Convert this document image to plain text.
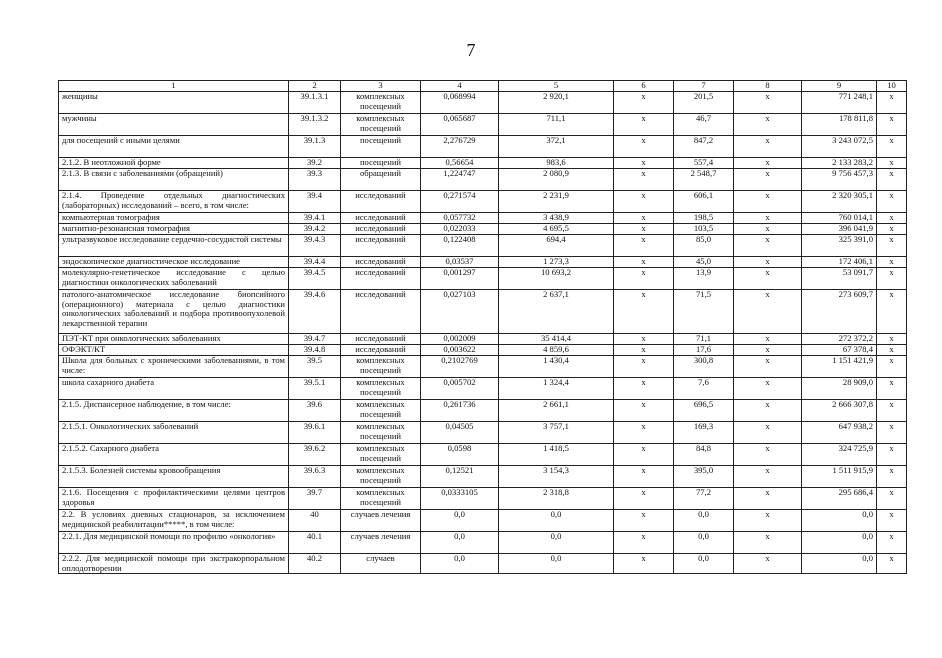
7
1	2	3	4	5	6	7	8	9	10
женщины	39.1.3.1	комплексных посещений	0,068994	2 920,1	х	201,5	х	771 248,1	х
мужчины	39.1.3.2	комплексных посещений	0,065687	711,1	х	46,7	х	178 811,8	х
для посещений с иными целями	39.1.3	посещений	2,276729	372,1	х	847,2	х	3 243 072,5	х
2.1.2. В неотложной форме	39.2	посещений	0,56654	983,6	х	557,4	х	2 133 283,2	х
2.1.3. В связи с заболеваниями (обращений)	39.3	обращений	1,224747	2 080,9	х	2 548,7	х	9 756 457,3	х
2.1.4. Проведение отдельных диагностических (лабораторных) исследований – всего, в том числе:	39.4	исследований	0,271574	2 231,9	х	606,1	х	2 320 305,1	х
компьютерная томография	39.4.1	исследований	0,057732	3 438,9	х	198,5	х	760 014,1	х
магнитно-резонансная томография	39.4.2	исследований	0,022033	4 695,5	х	103,5	х	396 041,9	х
ультразвуковое исследование сердечно-сосудистой системы	39.4.3	исследований	0,122408	694,4	х	85,0	х	325 391,0	х
эндоскопическое диагностическое исследование	39.4.4	исследований	0,03537	1 273,3	х	45,0	х	172 406,1	х
молекулярно-генетическое исследование с целью диагностики онкологических заболеваний	39.4.5	исследований	0,001297	10 693,2	х	13,9	х	53 091,7	х
патолого-анатомическое исследование биопсийного (операционного) материала с целью диагностики онкологических заболеваний и подбора противоопухолевой лекарственной терапии	39.4.6	исследований	0,027103	2 637,1	х	71,5	х	273 609,7	х
ПЭТ-КТ при онкологических заболеваниях	39.4.7	исследований	0,002009	35 414,4	х	71,1	х	272 372,2	х
ОФЭКТ/КТ	39.4.8	исследований	0,003622	4 859,6	х	17,6	х	67 378,4	х
Школа для больных с хроническими заболеваниями, в том числе:	39.5	комплексных посещений	0,2102769	1 430,4	х	300,8	х	1 151 421,9	х
школа сахарного диабета	39.5.1	комплексных посещений	0,005702	1 324,4	х	7,6	х	28 909,0	х
2.1.5. Диспансерное наблюдение, в том числе:	39.6	комплексных посещений	0,261736	2 661,1	х	696,5	х	2 666 307,8	х
2.1.5.1. Онкологических заболеваний	39.6.1	комплексных посещений	0,04505	3 757,1	х	169,3	х	647 938,2	х
2.1.5.2. Сахарного диабета	39.6.2	комплексных посещений	0,0598	1 418,5	х	84,8	х	324 725,9	х
2.1.5.3. Болезней системы кровообращения	39.6.3	комплексных посещений	0,12521	3 154,3	х	395,0	х	1 511 915,9	х
2.1.6. Посещения с профилактическими целями центров здоровья	39.7	комплексных посещений	0,0333105	2 318,8	х	77,2	х	295 686,4	х
2.2. В условиях дневных стационаров, за исключением медицинской реабилитации*****, в том числе:	40	случаев лечения	0,0	0,0	х	0,0	х	0,0	х
2.2.1. Для медицинской помощи по профилю «онкология»	40.1	случаев лечения	0,0	0,0	х	0,0	х	0,0	х
2.2.2. Для медицинской помощи при экстракорпоральном оплодотворении	40.2	случаев	0,0	0,0	х	0,0	х	0,0	х
